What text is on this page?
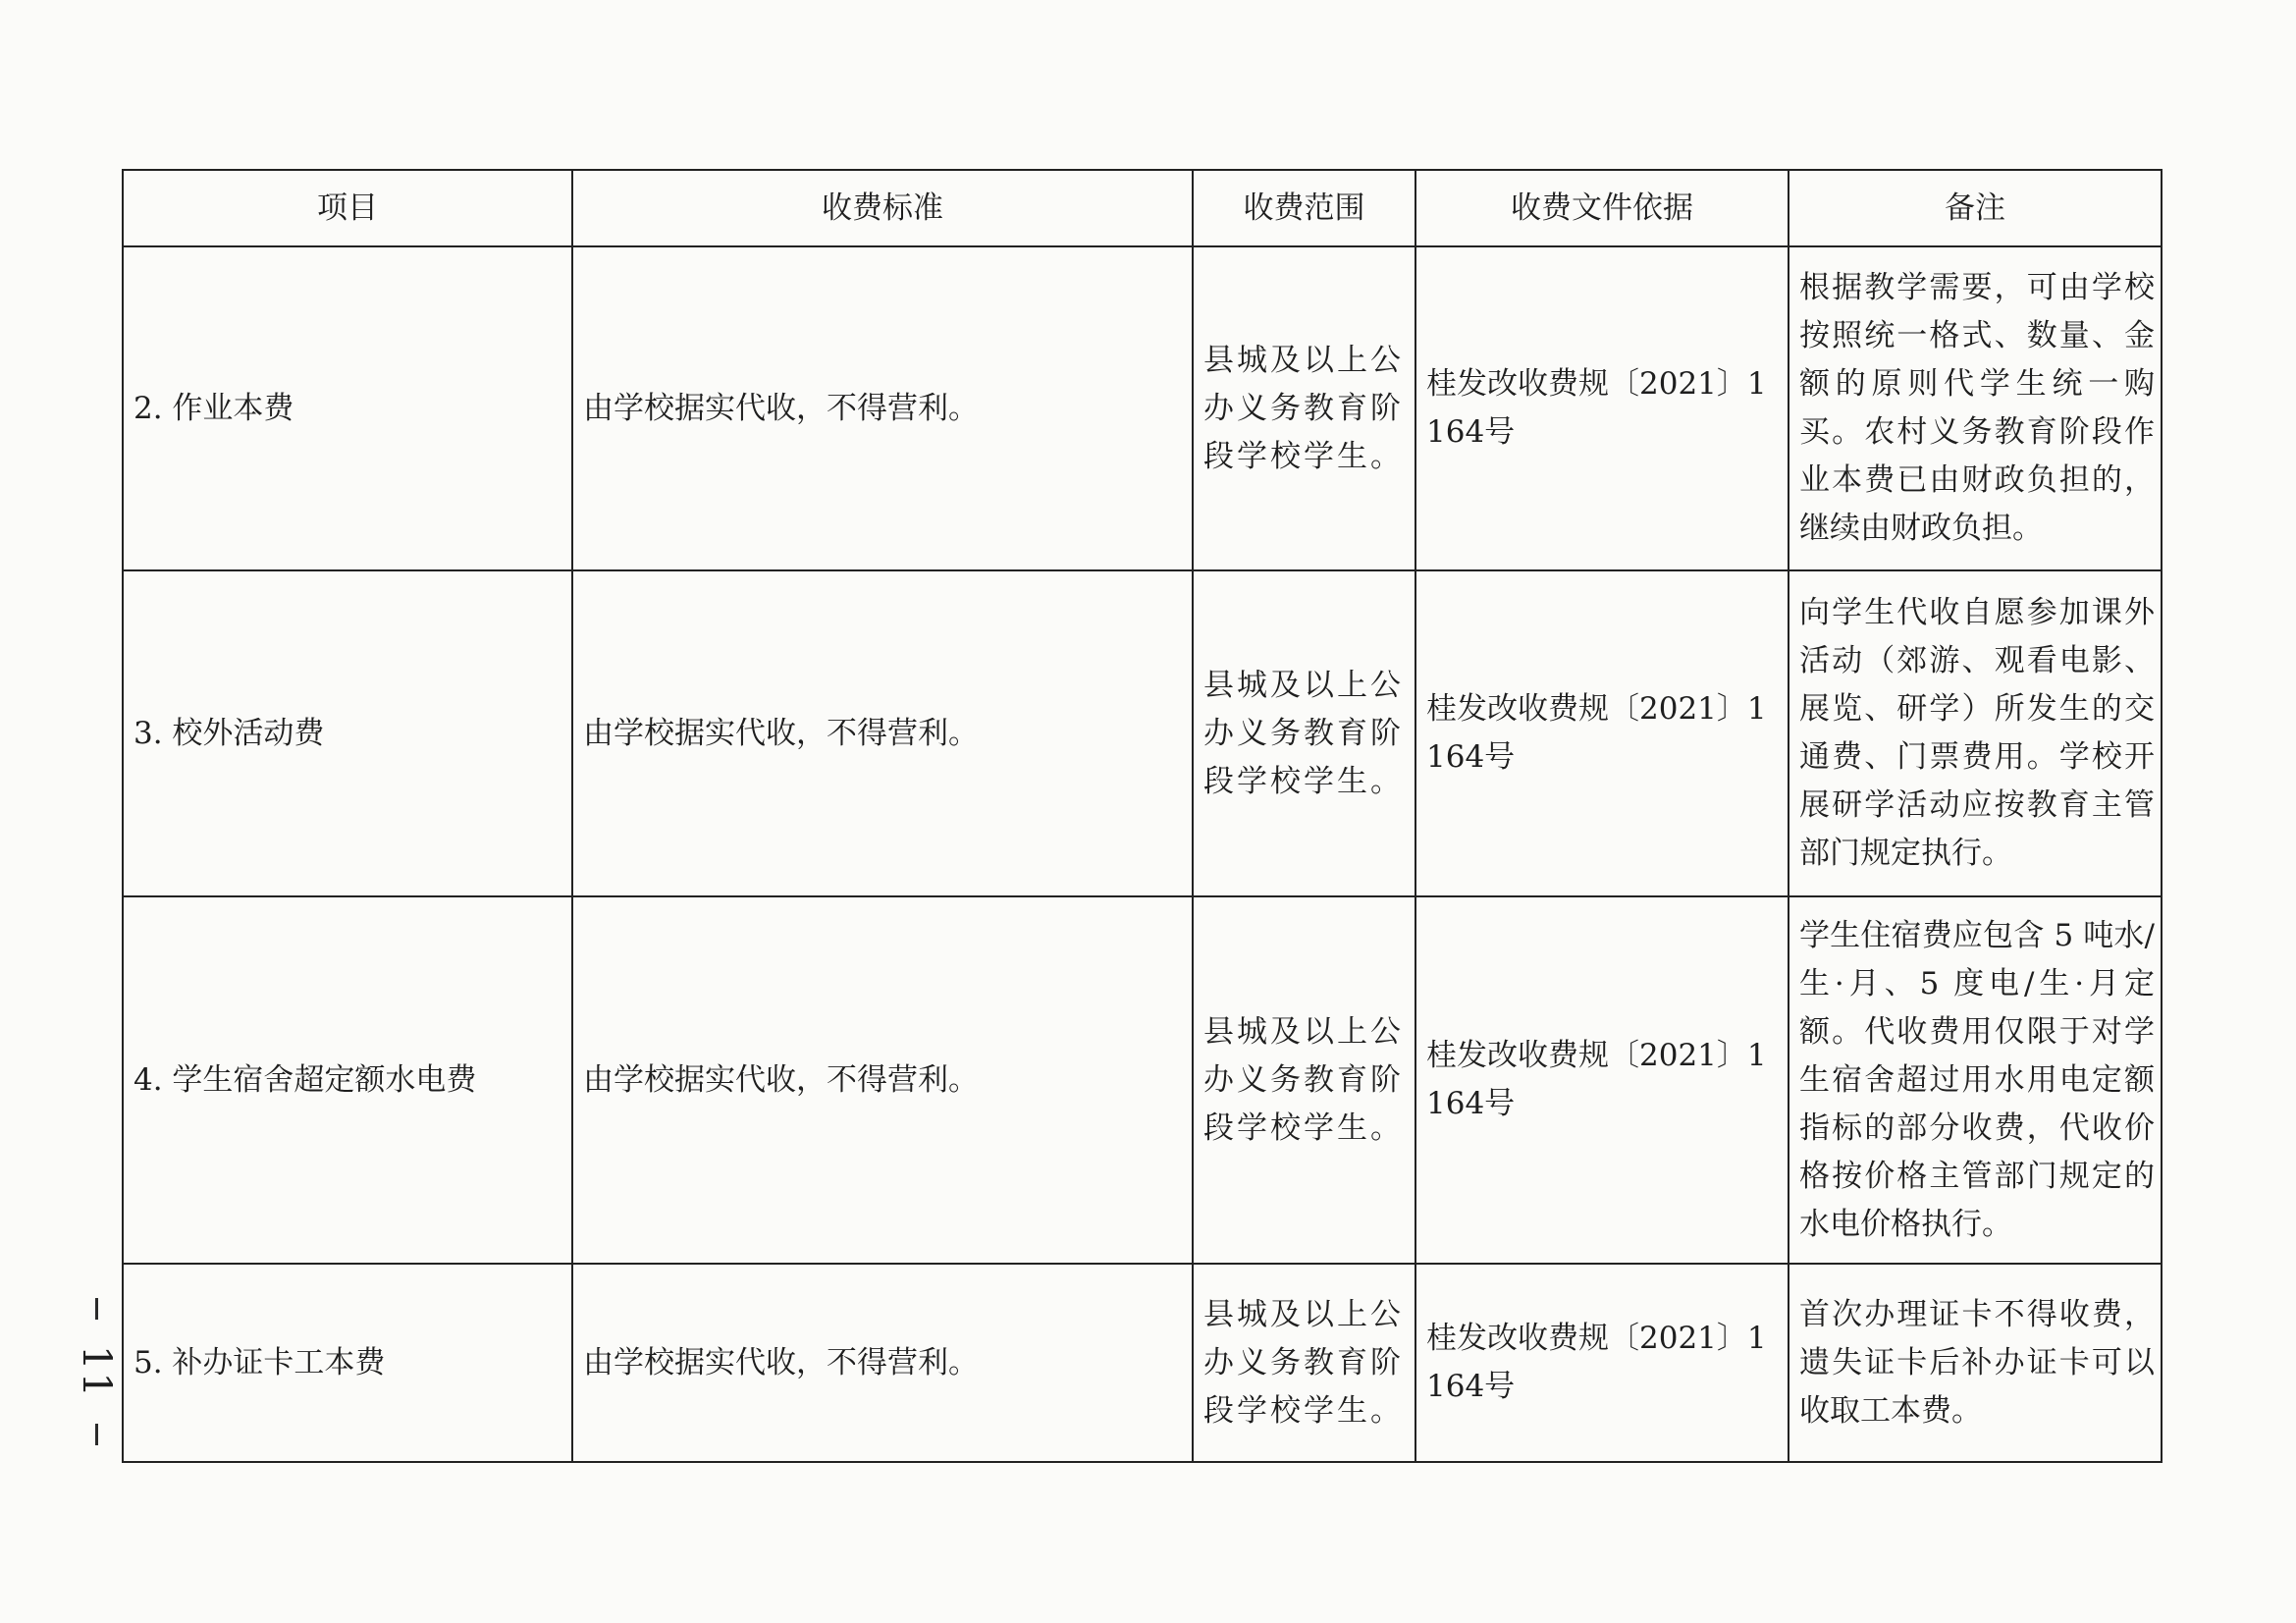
11
项目	收费标准	收费范围	收费文件依据	备注
2. 作业本费	由学校据实代收，不得营利。	县城及以上公办义务教育阶段学校学生。	桂发改收费规〔2021〕1164号	根据教学需要，可由学校按照统一格式、数量、金额的原则代学生统一购买。农村义务教育阶段作业本费已由财政负担的，继续由财政负担。
3. 校外活动费	由学校据实代收，不得营利。	县城及以上公办义务教育阶段学校学生。	桂发改收费规〔2021〕1164号	向学生代收自愿参加课外活动（郊游、观看电影、展览、研学）所发生的交通费、门票费用。学校开展研学活动应按教育主管部门规定执行。
4. 学生宿舍超定额水电费	由学校据实代收，不得营利。	县城及以上公办义务教育阶段学校学生。	桂发改收费规〔2021〕1164号	学生住宿费应包含 5 吨水/生·月、5 度电/生·月定额。代收费用仅限于对学生宿舍超过用水用电定额指标的部分收费，代收价格按价格主管部门规定的水电价格执行。
5. 补办证卡工本费	由学校据实代收，不得营利。	县城及以上公办义务教育阶段学校学生。	桂发改收费规〔2021〕1164号	首次办理证卡不得收费，遗失证卡后补办证卡可以收取工本费。
